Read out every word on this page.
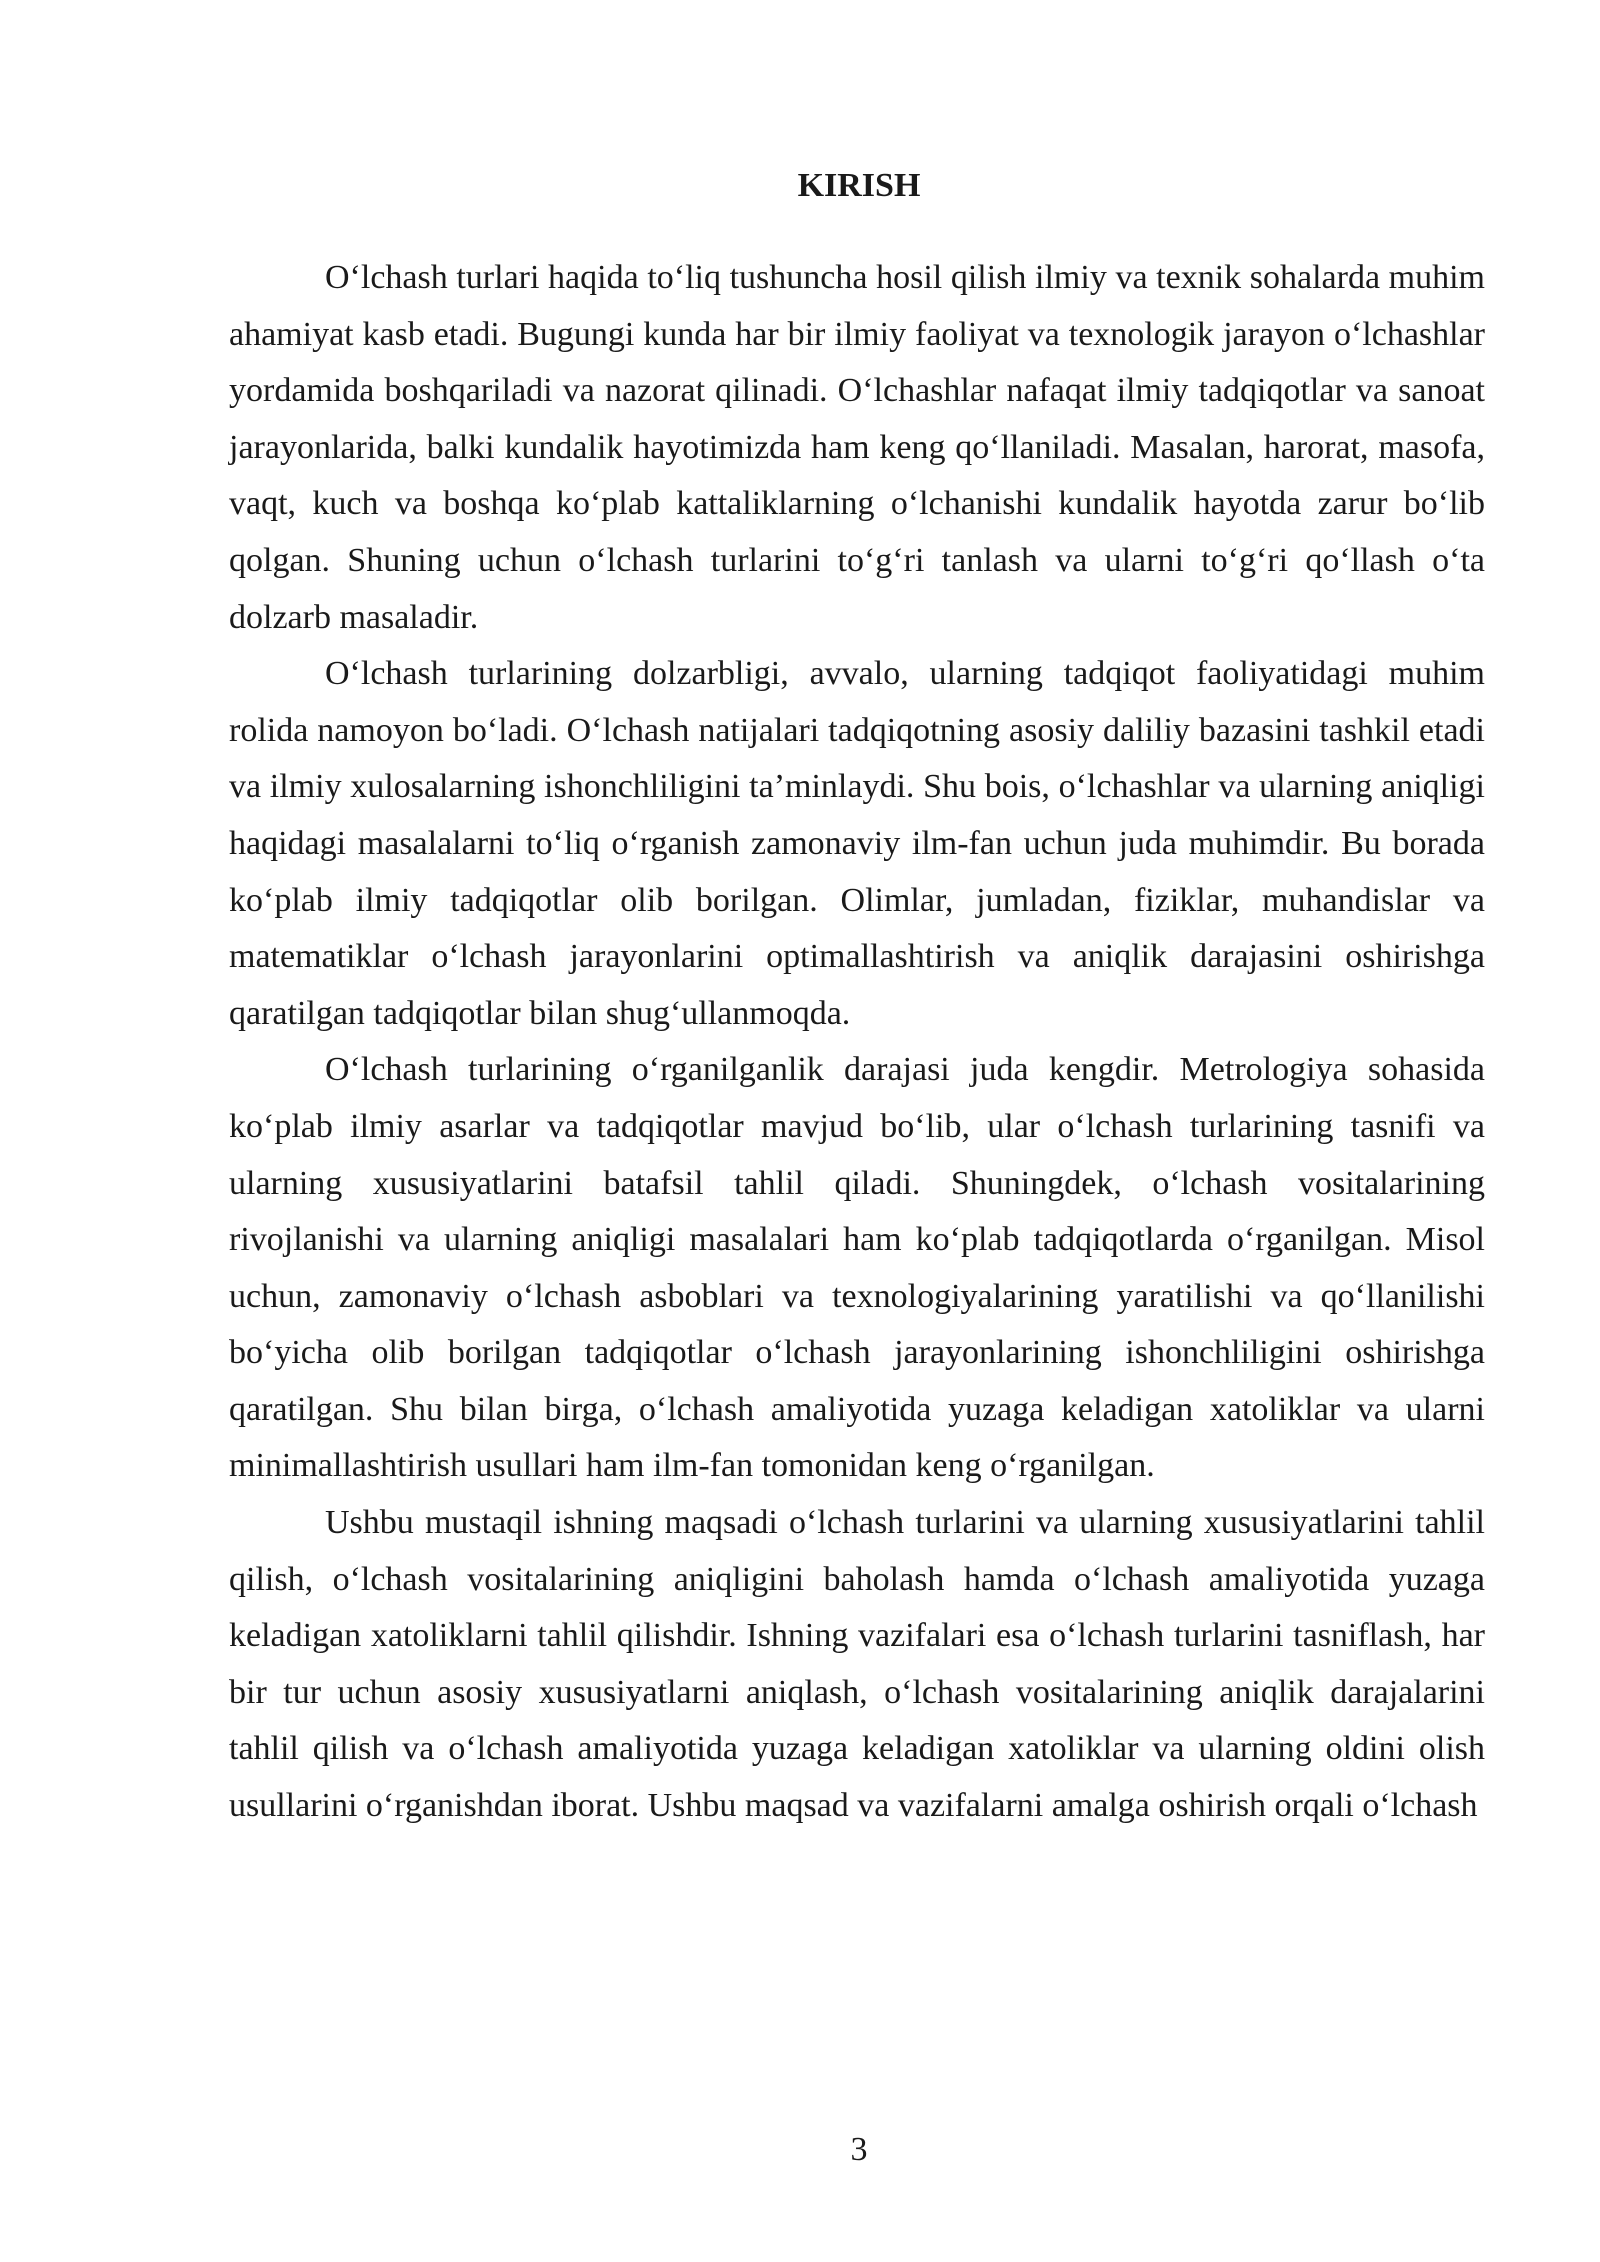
KIRISH

O‘lchash turlari haqida to‘liq tushuncha hosil qilish ilmiy va texnik sohalarda muhim ahamiyat kasb etadi. Bugungi kunda har bir ilmiy faoliyat va texnologik jarayon o‘lchashlar yordamida boshqariladi va nazorat qilinadi. O‘lchashlar nafaqat ilmiy tadqiqotlar va sanoat jarayonlarida, balki kundalik hayotimizda ham keng qo‘llaniladi. Masalan, harorat, masofa, vaqt, kuch va boshqa ko‘plab kattaliklarning o‘lchanishi kundalik hayotda zarur bo‘lib qolgan. Shuning uchun o‘lchash turlarini to‘g‘ri tanlash va ularni to‘g‘ri qo‘llash o‘ta dolzarb masaladir.

O‘lchash turlarining dolzarbligi, avvalo, ularning tadqiqot faoliyatidagi muhim rolida namoyon bo‘ladi. O‘lchash natijalari tadqiqotning asosiy daliliy bazasini tashkil etadi va ilmiy xulosalarning ishonchliligini ta’minlaydi. Shu bois, o‘lchashlar va ularning aniqligi haqidagi masalalarni to‘liq o‘rganish zamonaviy ilm-fan uchun juda muhimdir. Bu borada ko‘plab ilmiy tadqiqotlar olib borilgan. Olimlar, jumladan, fiziklar, muhandislar va matematiklar o‘lchash jarayonlarini optimallashtirish va aniqlik darajasini oshirishga qaratilgan tadqiqotlar bilan shug‘ullanmoqda.

O‘lchash turlarining o‘rganilganlik darajasi juda kengdir. Metrologiya sohasida ko‘plab ilmiy asarlar va tadqiqotlar mavjud bo‘lib, ular o‘lchash turlarining tasnifi va ularning xususiyatlarini batafsil tahlil qiladi. Shuningdek, o‘lchash vositalarining rivojlanishi va ularning aniqligi masalalari ham ko‘plab tadqiqotlarda o‘rganilgan. Misol uchun, zamonaviy o‘lchash asboblari va texnologiyalarining yaratilishi va qo‘llanilishi bo‘yicha olib borilgan tadqiqotlar o‘lchash jarayonlarining ishonchliligini oshirishga qaratilgan. Shu bilan birga, o‘lchash amaliyotida yuzaga keladigan xatoliklar va ularni minimallashtirish usullari ham ilm-fan tomonidan keng o‘rganilgan.

Ushbu mustaqil ishning maqsadi o‘lchash turlarini va ularning xususiyatlarini tahlil qilish, o‘lchash vositalarining aniqligini baholash hamda o‘lchash amaliyotida yuzaga keladigan xatoliklarni tahlil qilishdir. Ishning vazifalari esa o‘lchash turlarini tasniflash, har bir tur uchun asosiy xususiyatlarni aniqlash, o‘lchash vositalarining aniqlik darajalarini tahlil qilish va o‘lchash amaliyotida yuzaga keladigan xatoliklar va ularning oldini olish usullarini o‘rganishdan iborat. Ushbu maqsad va vazifalarni amalga oshirish orqali o‘lchash

3
